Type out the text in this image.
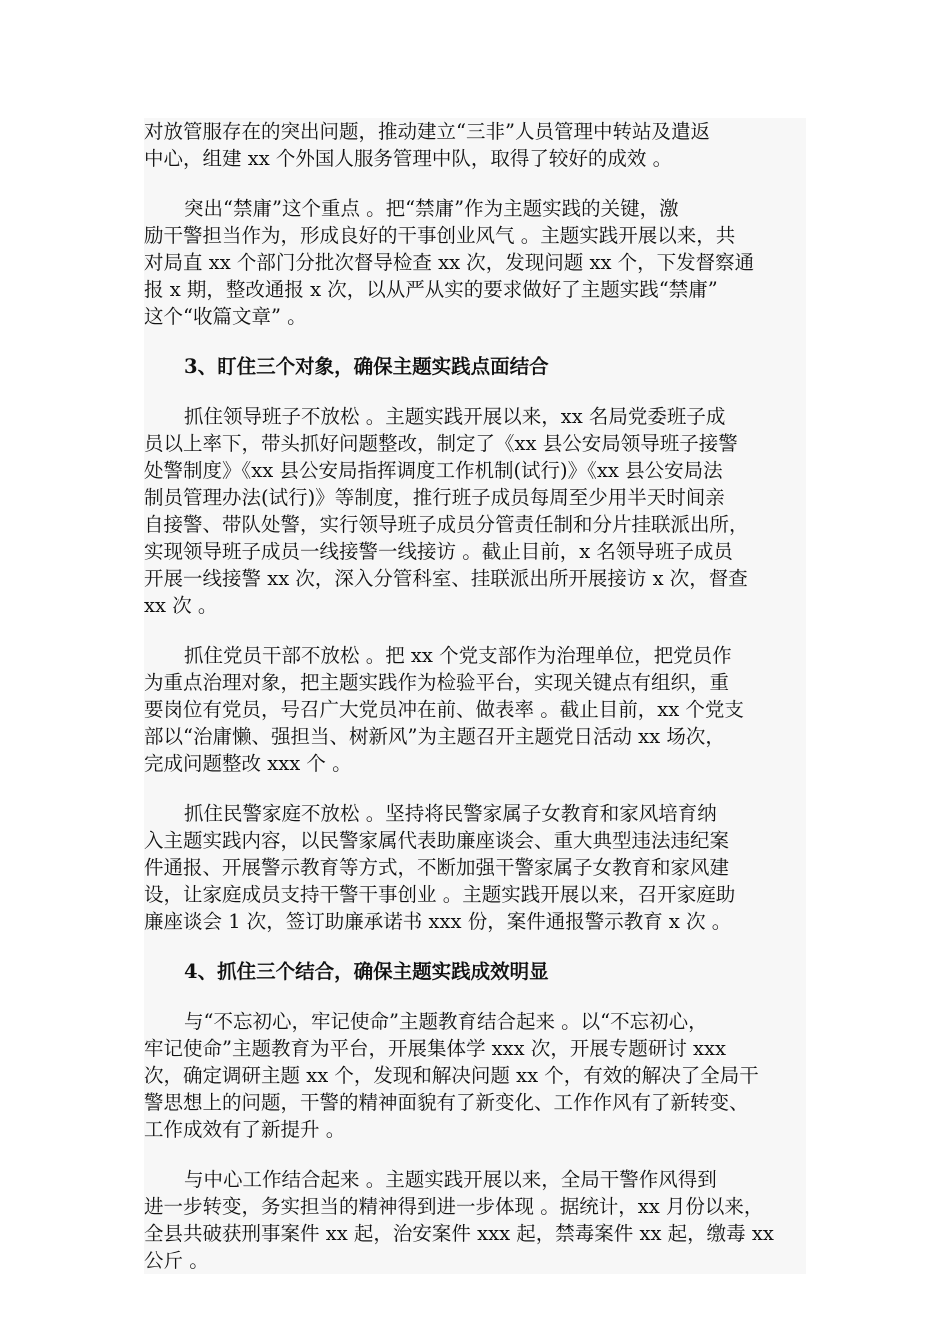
对放管服存在的突出问题，推动建立“三非”人员管理中转站及遣返
中心，组建 xx 个外国人服务管理中队，取得了较好的成效 。
突出“禁庸”这个重点 。把“禁庸”作为主题实践的关键，激
励干警担当作为，形成良好的干事创业风气 。主题实践开展以来，共
对局直 xx 个部门分批次督导检查 xx 次，发现问题 xx 个，下发督察通
报 x 期，整改通报 x 次，以从严从实的要求做好了主题实践“禁庸”
这个“收篇文章” 。
3、盯住三个对象，确保主题实践点面结合
抓住领导班子不放松 。主题实践开展以来，xx 名局党委班子成
员以上率下，带头抓好问题整改，制定了《xx 县公安局领导班子接警
处警制度》《xx 县公安局指挥调度工作机制(试行)》《xx 县公安局法
制员管理办法(试行)》等制度，推行班子成员每周至少用半天时间亲
自接警、带队处警，实行领导班子成员分管责任制和分片挂联派出所，
实现领导班子成员一线接警一线接访 。截止目前，x 名领导班子成员
开展一线接警 xx 次，深入分管科室、挂联派出所开展接访 x 次，督查
xx 次 。
抓住党员干部不放松 。把 xx 个党支部作为治理单位，把党员作
为重点治理对象，把主题实践作为检验平台，实现关键点有组织，重
要岗位有党员，号召广大党员冲在前、做表率 。截止目前，xx 个党支
部以“治庸懒、强担当、树新风”为主题召开主题党日活动 xx 场次，
完成问题整改 xxx 个 。
抓住民警家庭不放松 。坚持将民警家属子女教育和家风培育纳
入主题实践内容，以民警家属代表助廉座谈会、重大典型违法违纪案
件通报、开展警示教育等方式，不断加强干警家属子女教育和家风建
设，让家庭成员支持干警干事创业 。主题实践开展以来，召开家庭助
廉座谈会 1 次，签订助廉承诺书 xxx 份，案件通报警示教育 x 次 。
4、抓住三个结合，确保主题实践成效明显
与“不忘初心，牢记使命”主题教育结合起来 。以“不忘初心，
牢记使命”主题教育为平台，开展集体学 xxx 次，开展专题研讨 xxx
次，确定调研主题 xx 个，发现和解决问题 xx 个，有效的解决了全局干
警思想上的问题，干警的精神面貌有了新变化、工作作风有了新转变、
工作成效有了新提升 。
与中心工作结合起来 。主题实践开展以来，全局干警作风得到
进一步转变，务实担当的精神得到进一步体现 。据统计，xx 月份以来，
全县共破获刑事案件 xx 起，治安案件 xxx 起，禁毒案件 xx 起，缴毒 xx
公斤 。
